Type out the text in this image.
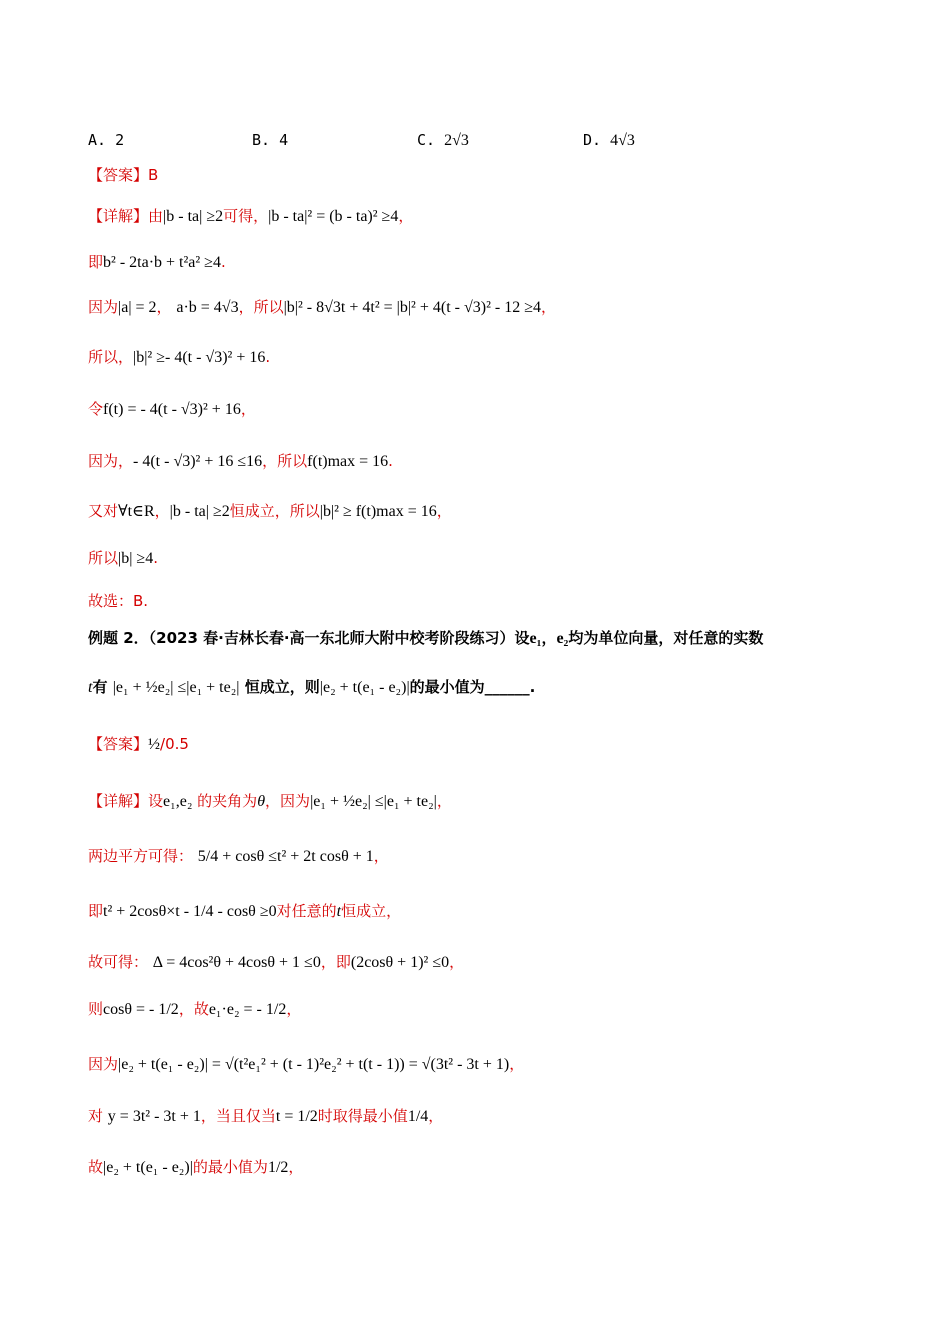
A. 2	B. 4	C. 2√3	D. 4√3
【答案】B
【详解】由|b - ta| ≥2可得，|b - ta|² = (b - ta)² ≥4，
即b² - 2ta·b + t²a² ≥4.
因为|a| = 2， a·b = 4√3，所以|b|² - 8√3t + 4t² = |b|² + 4(t - √3)² - 12 ≥4，
所以，|b|² ≥- 4(t - √3)² + 16.
令f(t) = - 4(t - √3)² + 16，
因为，- 4(t - √3)² + 16 ≤16，所以f(t)max = 16.
又对∀t∈R，|b - ta| ≥2恒成立，所以|b|² ≥ f(t)max = 16，
所以|b| ≥4.
故选：B.
例题 2．（2023 春·吉林长春·高一东北师大附中校考阶段练习）设e₁，e₂均为单位向量，对任意的实数
t有 |e₁ + ½e₂| ≤|e₁ + te₂| 恒成立，则|e₂ + t(e₁ - e₂)|的最小值为______.
【答案】½/0.5
【详解】设e₁,e₂ 的夹角为θ，因为|e₁ + ½e₂| ≤|e₁ + te₂|，
两边平方可得： 5/4 + cosθ ≤t² + 2t cosθ + 1，
即t² + 2cosθ×t - 1/4 - cosθ ≥0对任意的t恒成立，
故可得： Δ = 4cos²θ + 4cosθ + 1 ≤0，即(2cosθ + 1)² ≤0，
则cosθ = - 1/2，故e₁·e₂ = - 1/2，
因为|e₂ + t(e₁ - e₂)| = √(t²e₁² + (t - 1)²e₂² + t(t - 1)) = √(3t² - 3t + 1)，
对 y = 3t² - 3t + 1，当且仅当t = 1/2时取得最小值1/4，
故|e₂ + t(e₁ - e₂)|的最小值为1/2，
